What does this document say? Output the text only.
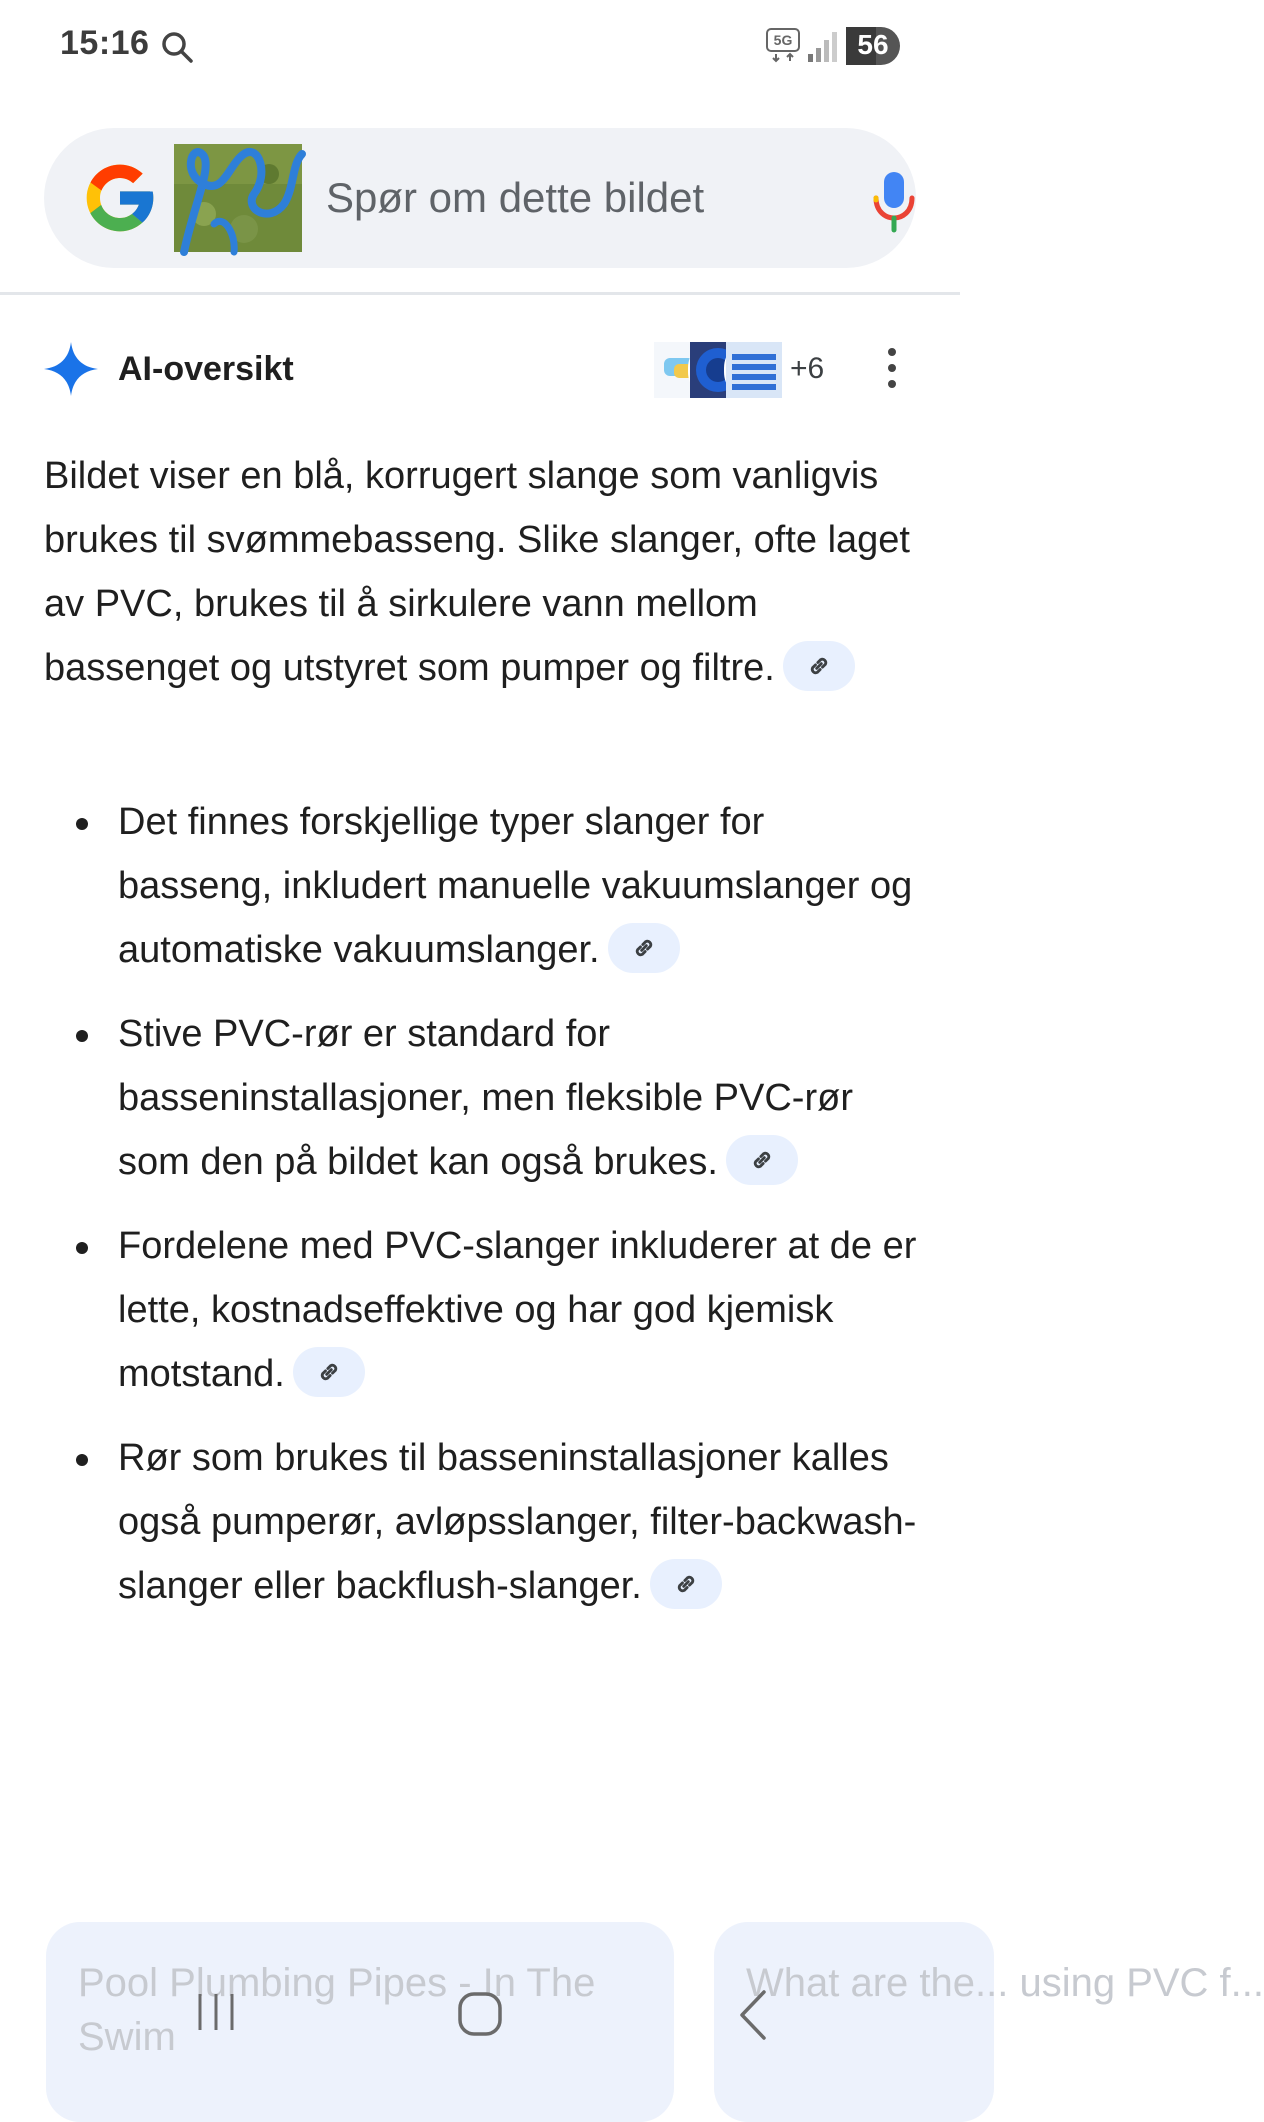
15:16	5G	56
Spør om dette bildet
AI-oversikt	+6
Bildet viser en blå, korrugert slange som vanligvis brukes til svømmebasseng. Slike slanger, ofte laget av PVC, brukes til å sirkulere vann mellom bassenget og utstyret som pumper og filtre.
Det finnes forskjellige typer slanger for basseng, inkludert manuelle vakuumslanger og automatiske vakuumslanger.
Stive PVC-rør er standard for basseninstallasjoner, men fleksible PVC-rør som den på bildet kan også brukes.
Fordelene med PVC-slanger inkluderer at de er lette, kostnadseffektive og har god kjemisk motstand.
Rør som brukes til basseninstallasjoner kalles også pumperør, avløpsslanger, filter-backwash-slanger eller backflush-slanger.
Pool Plumbing Pipes - In The Swim
What are the... using PVC f...
